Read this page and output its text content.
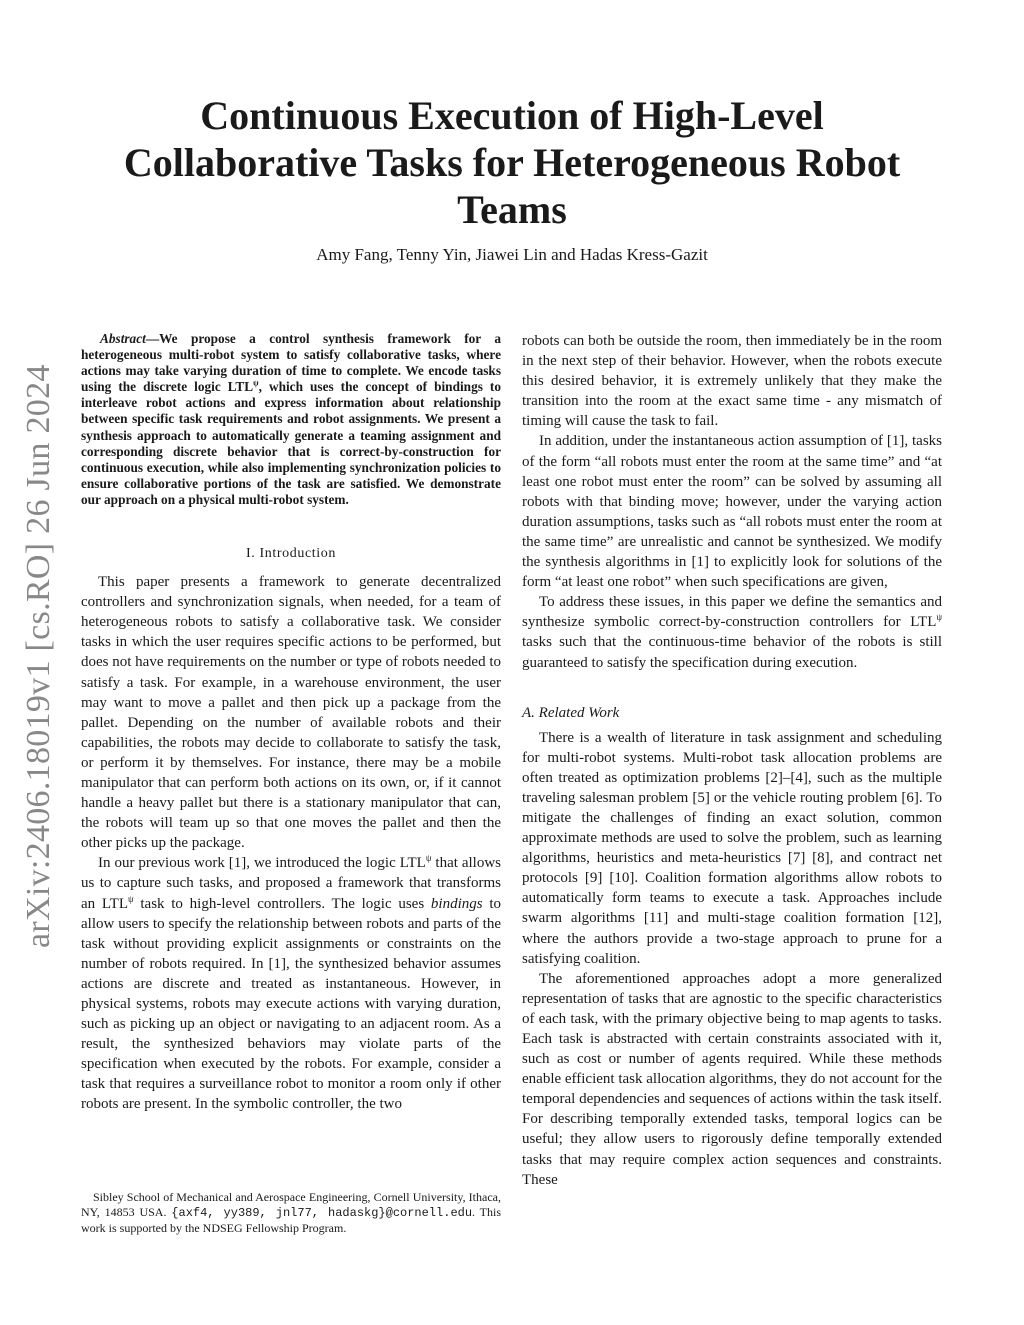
Continuous Execution of High-Level Collaborative Tasks for Heterogeneous Robot Teams
Amy Fang, Tenny Yin, Jiawei Lin and Hadas Kress-Gazit
arXiv:2406.18019v1 [cs.RO] 26 Jun 2024

Abstract—We propose a control synthesis framework for a heterogeneous multi-robot system to satisfy collaborative tasks, where actions may take varying duration of time to complete. We encode tasks using the discrete logic $LTL^\psi$, which uses the concept of bindings to interleave robot actions and express information about relationship between specific task requirements and robot assignments. We present a synthesis approach to automatically generate a teaming assignment and corresponding discrete behavior that is correct-by-construction for continuous execution, while also implementing synchronization policies to ensure collaborative portions of the task are satisfied. We demonstrate our approach on a physical multi-robot system.

I. Introduction

This paper presents a framework to generate decentralized controllers and synchronization signals, when needed, for a team of heterogeneous robots to satisfy a collaborative task. We consider tasks in which the user requires specific actions to be performed, but does not have requirements on the number or type of robots needed to satisfy a task. For example, in a warehouse environment, the user may want to move a pallet and then pick up a package from the pallet. Depending on the number of available robots and their capabilities, the robots may decide to collaborate to satisfy the task, or perform it by themselves. For instance, there may be a mobile manipulator that can perform both actions on its own, or, if it cannot handle a heavy pallet but there is a stationary manipulator that can, the robots will team up so that one moves the pallet and then the other picks up the package.

In our previous work [1], we introduced the logic $LTL^\psi$ that allows us to capture such tasks, and proposed a framework that transforms an $LTL^\psi$ task to high-level controllers. The logic uses bindings to allow users to specify the relationship between robots and parts of the task without providing explicit assignments or constraints on the number of robots required. In [1], the synthesized behavior assumes actions are discrete and treated as instantaneous. However, in physical systems, robots may execute actions with varying duration, such as picking up an object or navigating to an adjacent room. As a result, the synthesized behaviors may violate parts of the specification when executed by the robots. For example, consider a task that requires a surveillance robot to monitor a room only if other robots are present. In the symbolic controller, the two

robots can both be outside the room, then immediately be in the room in the next step of their behavior. However, when the robots execute this desired behavior, it is extremely unlikely that they make the transition into the room at the exact same time - any mismatch of timing will cause the task to fail.

In addition, under the instantaneous action assumption of [1], tasks of the form “all robots must enter the room at the same time” and “at least one robot must enter the room” can be solved by assuming all robots with that binding move; however, under the varying action duration assumptions, tasks such as “all robots must enter the room at the same time” are unrealistic and cannot be synthesized. We modify the synthesis algorithms in [1] to explicitly look for solutions of the form “at least one robot” when such specifications are given,

To address these issues, in this paper we define the semantics and synthesize symbolic correct-by-construction controllers for $LTL^\psi$ tasks such that the continuous-time behavior of the robots is still guaranteed to satisfy the specification during execution.

A. Related Work

There is a wealth of literature in task assignment and scheduling for multi-robot systems. Multi-robot task allocation problems are often treated as optimization problems [2]–[4], such as the multiple traveling salesman problem [5] or the vehicle routing problem [6]. To mitigate the challenges of finding an exact solution, common approximate methods are used to solve the problem, such as learning algorithms, heuristics and meta-heuristics [7] [8], and contract net protocols [9] [10]. Coalition formation algorithms allow robots to automatically form teams to execute a task. Approaches include swarm algorithms [11] and multi-stage coalition formation [12], where the authors provide a two-stage approach to prune for a satisfying coalition.

The aforementioned approaches adopt a more generalized representation of tasks that are agnostic to the specific characteristics of each task, with the primary objective being to map agents to tasks. Each task is abstracted with certain constraints associated with it, such as cost or number of agents required. While these methods enable efficient task allocation algorithms, they do not account for the temporal dependencies and sequences of actions within the task itself. For describing temporally extended tasks, temporal logics can be useful; they allow users to rigorously define temporally extended tasks that may require complex action sequences and constraints. These

Sibley School of Mechanical and Aerospace Engineering, Cornell University, Ithaca, NY, 14853 USA. {axf4, yy389, jnl77, hadaskg}@cornell.edu. This work is supported by the NDSEG Fellowship Program.
